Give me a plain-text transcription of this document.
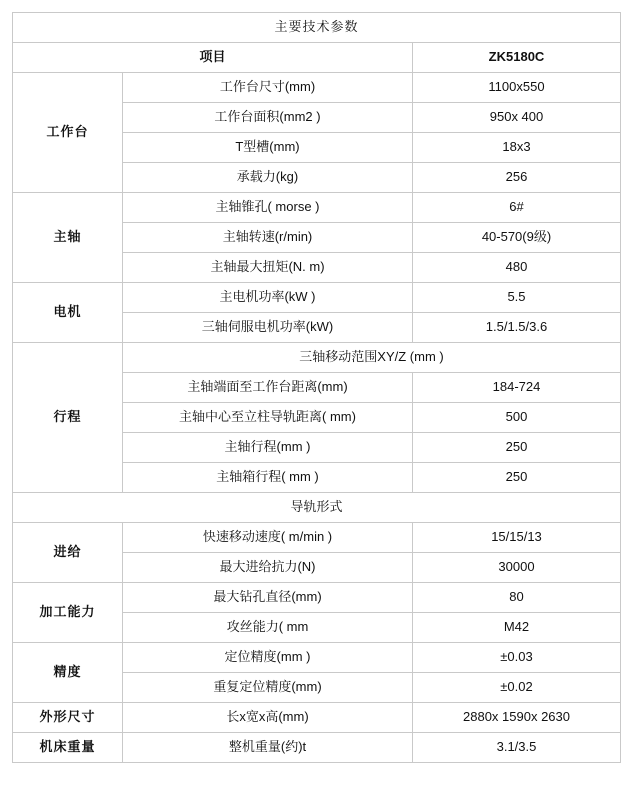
主要技术参数		
项目		ZK5180C
工作台	工作台尺寸(mm)	1100x550
	工作台面积(mm2 )	950x 400
	T型槽(mm)	18x3
	承载力(kg)	256
主轴	主轴锥孔( morse )	6#
	主轴转速(r/min)	40-570(9级)
	主轴最大扭矩(N. m)	480
电机	主电机功率(kW )	5.5
	三轴伺服电机功率(kW)	1.5/1.5/3.6
行程	三轴移动范围XY/Z (mm )	
	主轴端面至工作台距离(mm)	184-724
	主轴中心至立柱导轨距离( mm)	500
	主轴行程(mm )	250
	主轴箱行程( mm )	250
导轨形式		
进给	快速移动速度( m/min )	15/15/13
	最大进给抗力(N)	30000
加工能力	最大钻孔直径(mm)	80
	攻丝能力( mm	M42
精度	定位精度(mm )	±0.03
	重复定位精度(mm)	±0.02
外形尺寸	长x宽x高(mm)	2880x 1590x 2630
机床重量	整机重量(约)t	3.1/3.5
